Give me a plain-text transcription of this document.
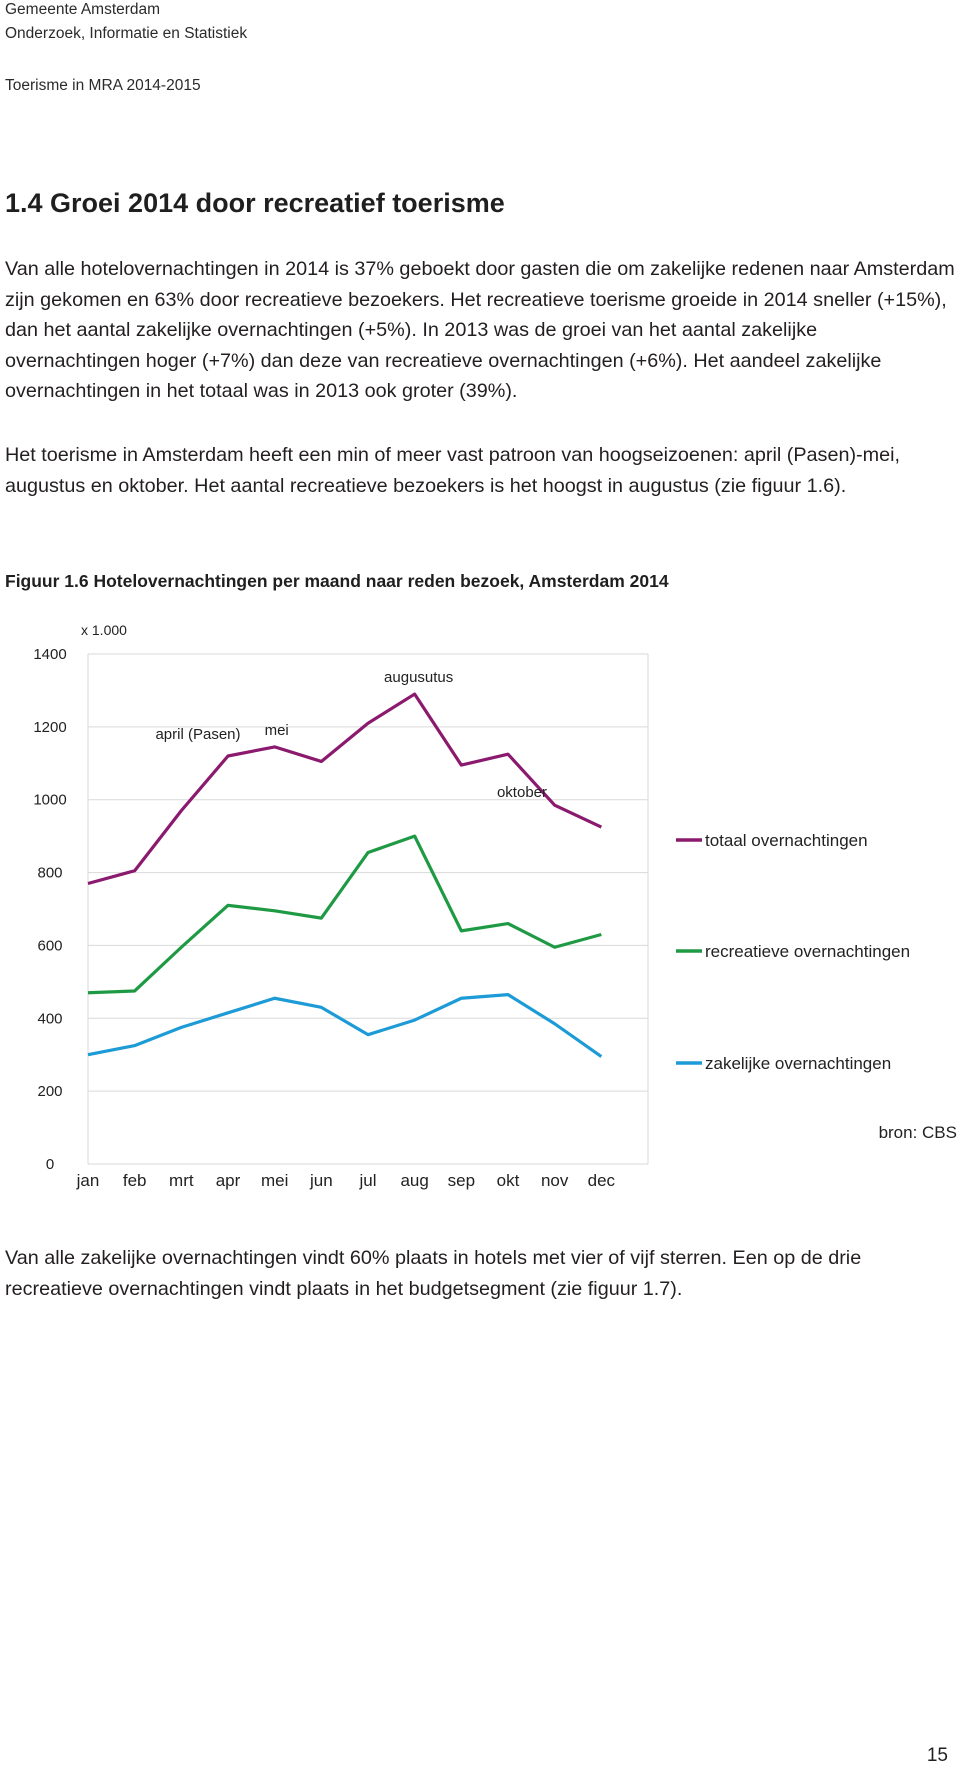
Gemeente Amsterdam
Onderzoek, Informatie en Statistiek
Toerisme in MRA 2014-2015
1.4 Groei 2014 door recreatief toerisme
Van alle hotelovernachtingen in 2014 is 37% geboekt door gasten die om zakelijke redenen naar Amsterdam zijn gekomen en 63% door recreatieve bezoekers. Het recreatieve toerisme groeide in 2014 sneller (+15%), dan het aantal zakelijke overnachtingen (+5%). In 2013 was de groei van het aantal zakelijke overnachtingen hoger (+7%) dan deze van recreatieve overnachtingen (+6%). Het aandeel zakelijke overnachtingen in het totaal was in 2013 ook groter (39%).
Het toerisme in Amsterdam heeft een min of meer vast patroon van hoogseizoenen: april (Pasen)-mei, augustus en oktober. Het aantal recreatieve bezoekers is het hoogst in augustus (zie figuur 1.6).
Figuur 1.6 Hotelovernachtingen per maand naar reden bezoek, Amsterdam 2014
0
200
400
600
800
1000
1200
1400
jan feb mrt apr mei jun jul aug sep okt nov dec
april (Pasen) mei
augusutus
oktober
totaal overnachtingen
recreatieve overnachtingen
zakelijke overnachtingen
x 1.000
bron: CBS
Van alle zakelijke overnachtingen vindt 60% plaats in hotels met vier of vijf sterren. Een op de drie recreatieve overnachtingen vindt plaats in het budgetsegment (zie figuur 1.7).
15
